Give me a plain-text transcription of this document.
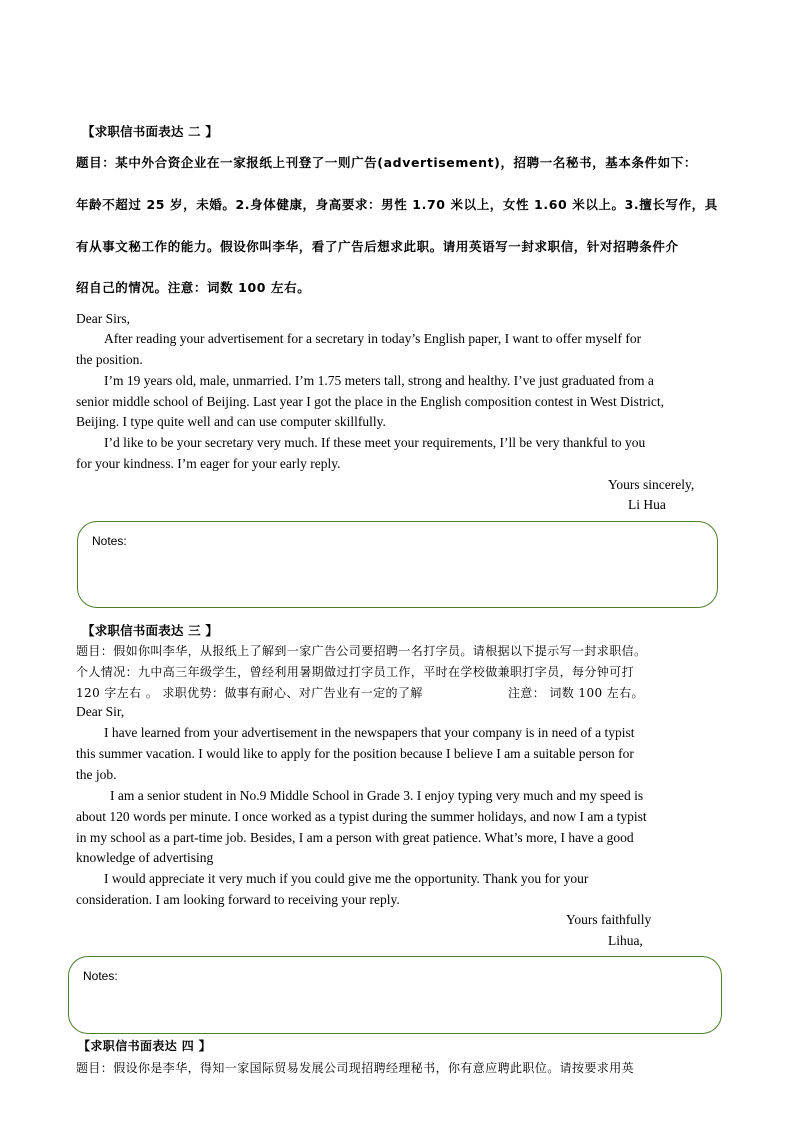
【求职信书面表达 二 】
题目：某中外合资企业在一家报纸上刊登了一则广告(advertisement)，招聘一名秘书，基本条件如下：
年龄不超过 25 岁，未婚。2.身体健康，身高要求：男性 1.70 米以上，女性 1.60 米以上。3.擅长写作，具
有从事文秘工作的能力。假设你叫李华，看了广告后想求此职。请用英语写一封求职信，针对招聘条件介
绍自己的情况。注意：词数 100 左右。
Dear Sirs,
After reading your advertisement for a secretary in today’s English paper, I want to offer myself for
the position.
I’m 19 years old, male, unmarried. I’m 1.75 meters tall, strong and healthy. I’ve just graduated from a
senior middle school of Beijing. Last year I got the place in the English composition contest in West District,
Beijing. I type quite well and can use computer skillfully.
I’d like to be your secretary very much. If these meet your requirements, I’ll be very thankful to you
for your kindness. I’m eager for your early reply.
Yours sincerely,
Li Hua
Notes:
【求职信书面表达 三 】
题目：假如你叫李华，从报纸上了解到一家广告公司要招聘一名打字员。请根据以下提示写一封求职信。
个人情况：九中高三年级学生，曾经利用暑期做过打字员工作，平时在学校做兼职打字员，每分钟可打
120 字左右 。 求职优势：做事有耐心、对广告业有一定的了解	注意： 词数 100 左右。
Dear Sir,
I have learned from your advertisement in the newspapers that your company is in need of a typist
this summer vacation. I would like to apply for the position because I believe I am a suitable person for
the job.
I am a senior student in No.9 Middle School in Grade 3. I enjoy typing very much and my speed is
about 120 words per minute. I once worked as a typist during the summer holidays, and now I am a typist
in my school as a part-time job. Besides, I am a person with great patience. What’s more, I have a good
knowledge of advertising
I would appreciate it very much if you could give me the opportunity. Thank you for your
consideration. I am looking forward to receiving your reply.
Yours faithfully
Lihua,
Notes:
【求职信书面表达 四 】
题目：假设你是李华，得知一家国际贸易发展公司现招聘经理秘书，你有意应聘此职位。请按要求用英
